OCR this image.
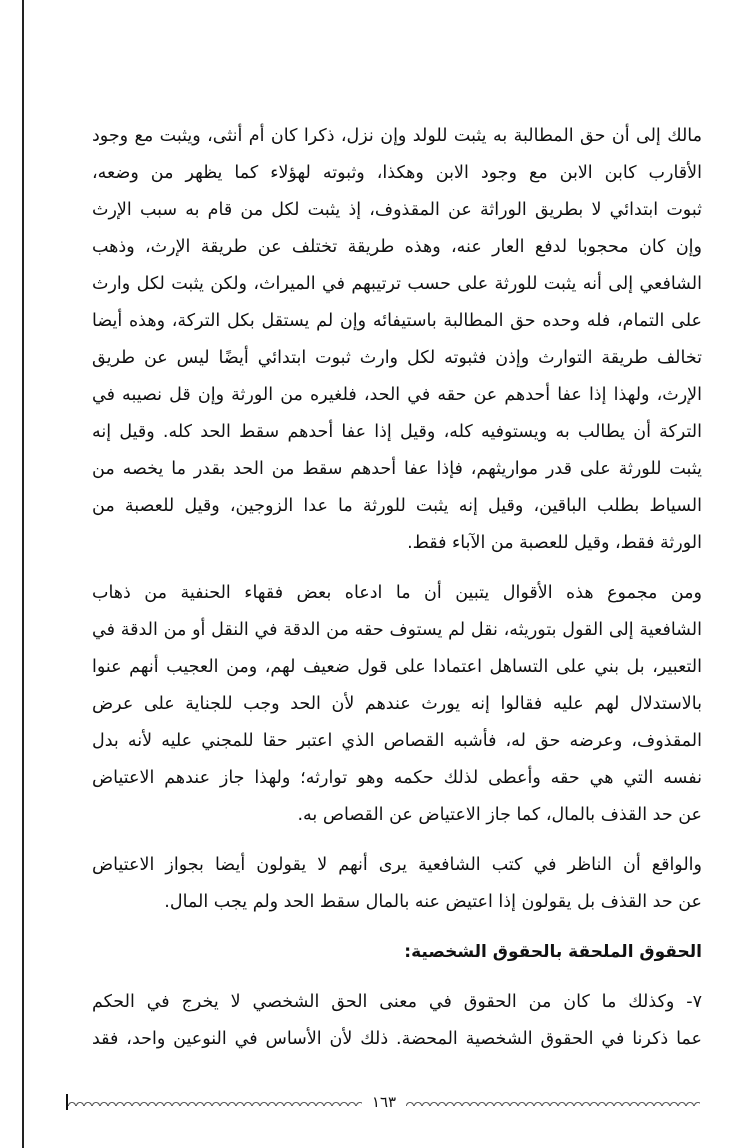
مالك إلى أن حق المطالبة به يثبت للولد وإن نزل، ذكرا كان أم أنثى، ويثبت مع وجود
الأقارب كابن الابن مع وجود الابن وهكذا، وثبوته لهؤلاء كما يظهر من وضعه،
ثبوت ابتدائي لا بطريق الوراثة عن المقذوف، إذ يثبت لكل من قام به سبب الإرث
وإن كان محجوبا لدفع العار عنه، وهذه طريقة تختلف عن طريقة الإرث، وذهب
الشافعي إلى أنه يثبت للورثة على حسب ترتيبهم في الميراث، ولكن يثبت لكل وارث
على التمام، فله وحده حق المطالبة باستيفائه وإن لم يستقل بكل التركة، وهذه أيضا
تخالف طريقة التوارث وإذن فثبوته لكل وارث ثبوت ابتدائي أيضًا ليس عن طريق
الإرث، ولهذا إذا عفا أحدهم عن حقه في الحد، فلغيره من الورثة وإن قل نصيبه في
التركة أن يطالب به ويستوفيه كله، وقيل إذا عفا أحدهم سقط الحد كله. وقيل إنه
يثبت للورثة على قدر مواريثهم، فإذا عفا أحدهم سقط من الحد بقدر ما يخصه من
السياط بطلب الباقين، وقيل إنه يثبت للورثة ما عدا الزوجين، وقيل للعصبة من
الورثة فقط، وقيل للعصبة من الآباء فقط.
ومن مجموع هذه الأقوال يتبين أن ما ادعاه بعض فقهاء الحنفية من ذهاب
الشافعية إلى القول بتوريثه، نقل لم يستوف حقه من الدقة في النقل أو من الدقة في
التعبير، بل بني على التساهل اعتمادا على قول ضعيف لهم، ومن العجيب أنهم عنوا
بالاستدلال لهم عليه فقالوا إنه يورث عندهم لأن الحد وجب للجناية على عرض
المقذوف، وعرضه حق له، فأشبه القصاص الذي اعتبر حقا للمجني عليه لأنه بدل
نفسه التي هي حقه وأعطى لذلك حكمه وهو توارثه؛ ولهذا جاز عندهم الاعتياض
عن حد القذف بالمال، كما جاز الاعتياض عن القصاص به.
والواقع أن الناظر في كتب الشافعية يرى أنهم لا يقولون أيضا بجواز الاعتياض
عن حد القذف بل يقولون إذا اعتيض عنه بالمال سقط الحد ولم يجب المال.
الحقوق الملحقة بالحقوق الشخصية:
٧- وكذلك ما كان من الحقوق في معنى الحق الشخصي لا يخرج في الحكم
عما ذكرنا في الحقوق الشخصية المحضة. ذلك لأن الأساس في النوعين واحد، فقد
١٦٣
